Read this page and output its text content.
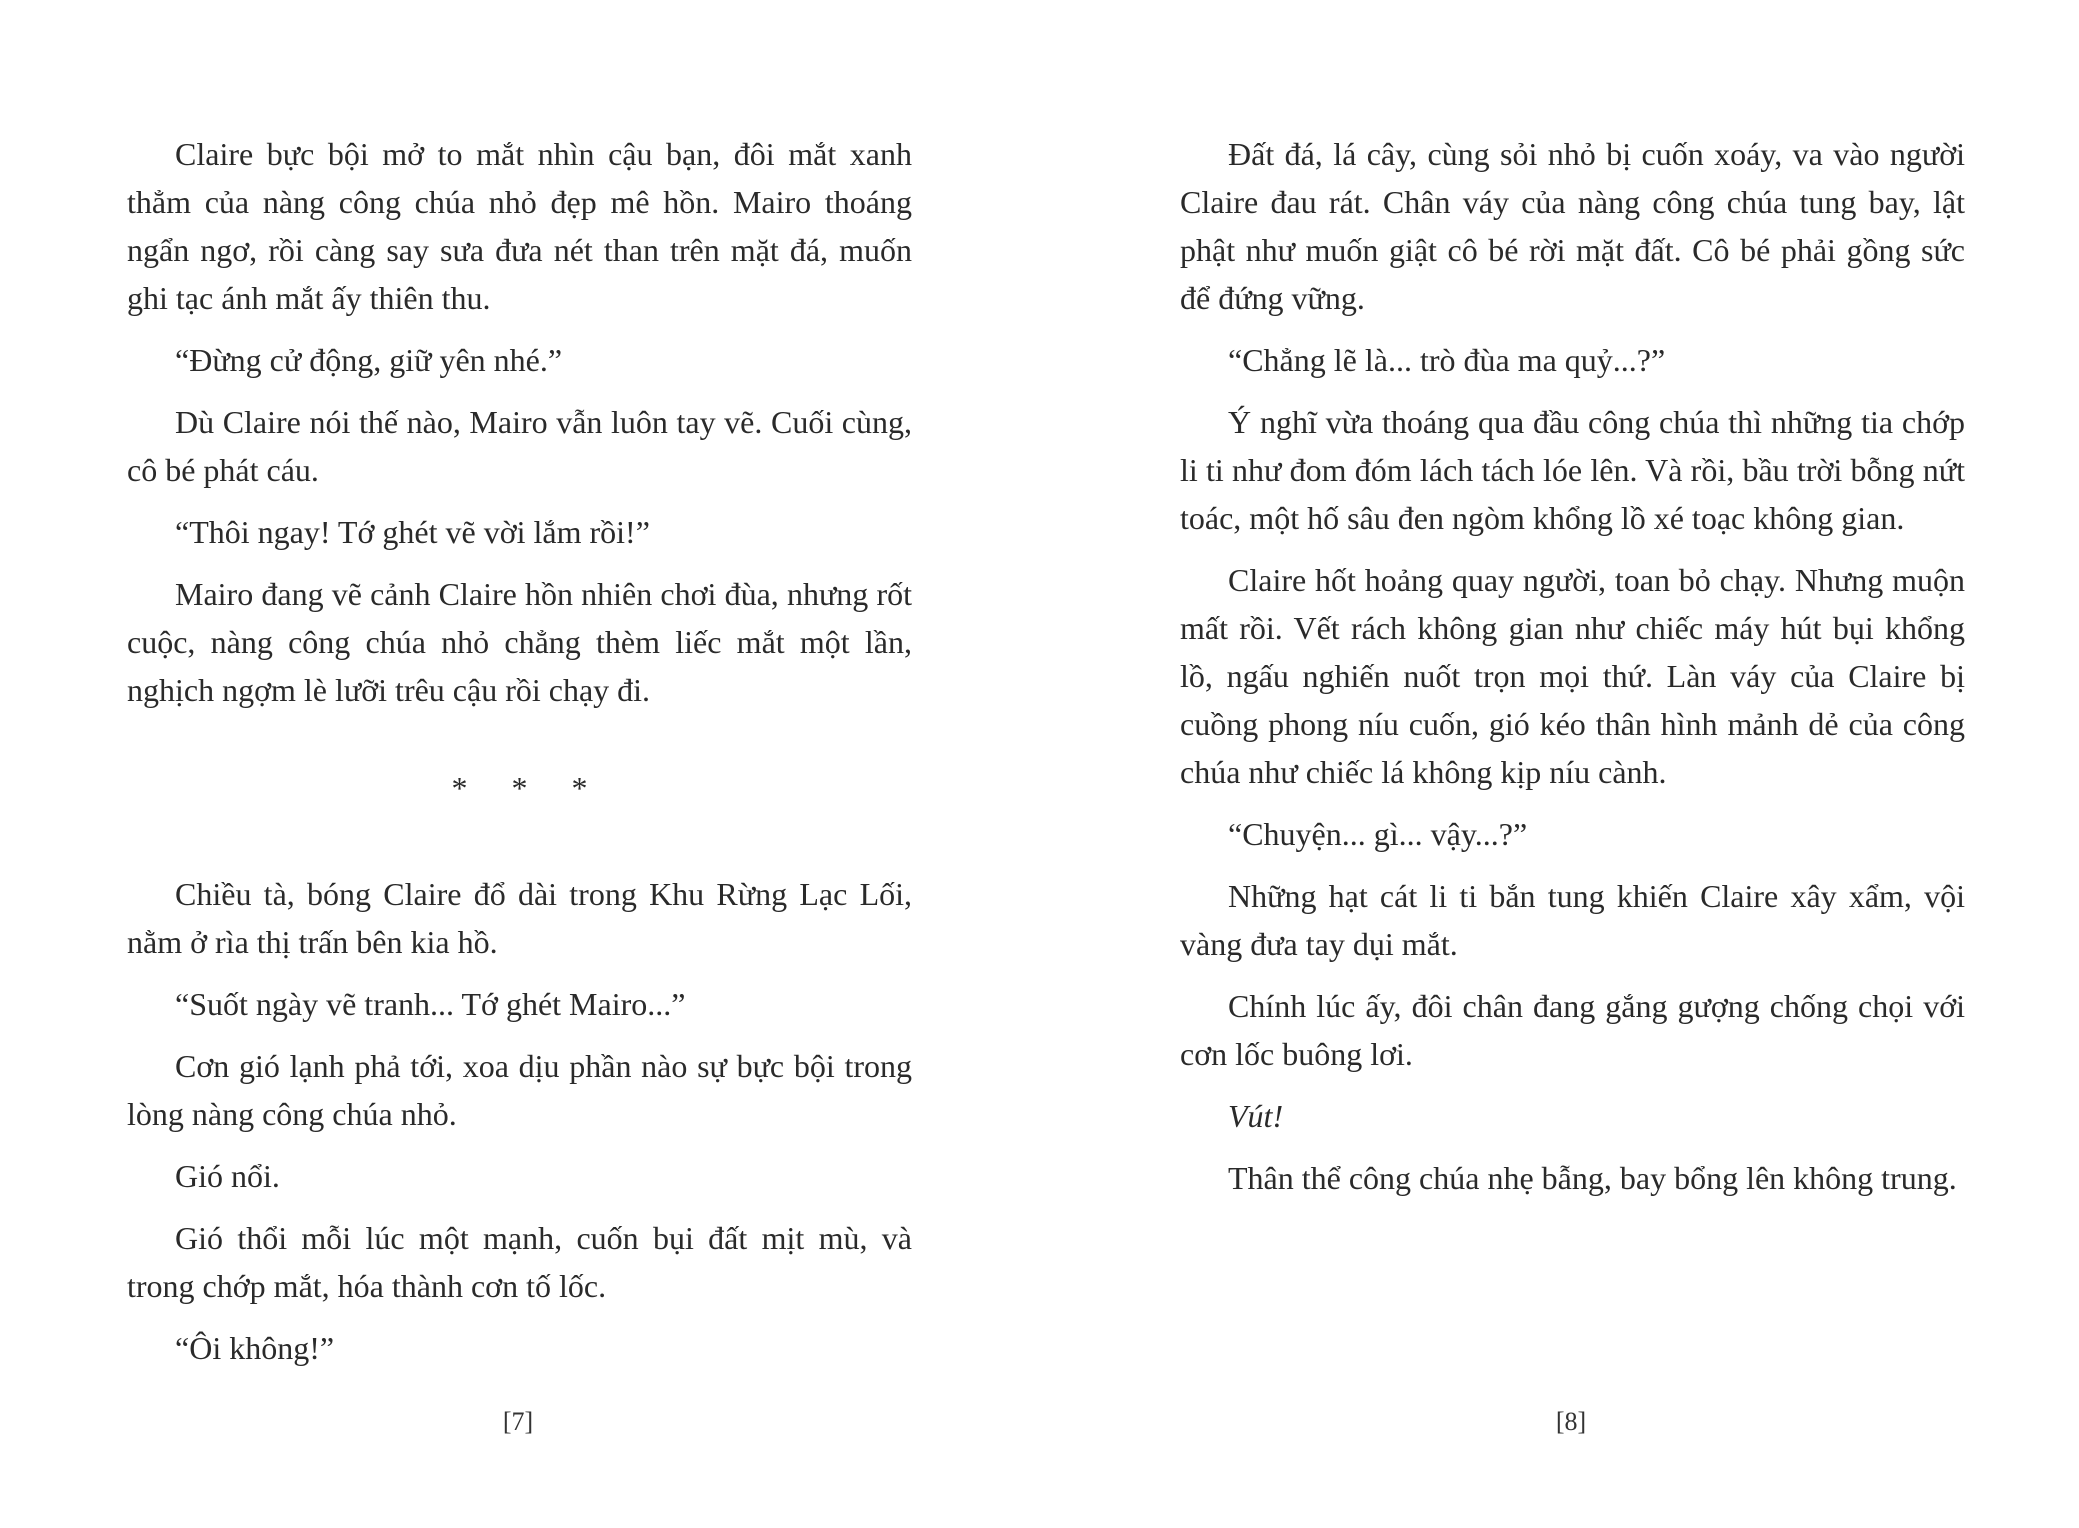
Claire bực bội mở to mắt nhìn cậu bạn, đôi mắt xanh thẳm của nàng công chúa nhỏ đẹp mê hồn. Mairo thoáng ngẩn ngơ, rồi càng say sưa đưa nét than trên mặt đá, muốn ghi tạc ánh mắt ấy thiên thu.

“Đừng cử động, giữ yên nhé.”

Dù Claire nói thế nào, Mairo vẫn luôn tay vẽ. Cuối cùng, cô bé phát cáu.

“Thôi ngay! Tớ ghét vẽ vời lắm rồi!”

Mairo đang vẽ cảnh Claire hồn nhiên chơi đùa, nhưng rốt cuộc, nàng công chúa nhỏ chẳng thèm liếc mắt một lần, nghịch ngợm lè lưỡi trêu cậu rồi chạy đi.

* * *

Chiều tà, bóng Claire đổ dài trong Khu Rừng Lạc Lối, nằm ở rìa thị trấn bên kia hồ.

“Suốt ngày vẽ tranh... Tớ ghét Mairo...”

Cơn gió lạnh phả tới, xoa dịu phần nào sự bực bội trong lòng nàng công chúa nhỏ.

Gió nổi.

Gió thổi mỗi lúc một mạnh, cuốn bụi đất mịt mù, và trong chớp mắt, hóa thành cơn tố lốc.

“Ôi không!”

Đất đá, lá cây, cùng sỏi nhỏ bị cuốn xoáy, va vào người Claire đau rát. Chân váy của nàng công chúa tung bay, lật phật như muốn giật cô bé rời mặt đất. Cô bé phải gồng sức để đứng vững.

“Chẳng lẽ là... trò đùa ma quỷ...?”

Ý nghĩ vừa thoáng qua đầu công chúa thì những tia chớp li ti như đom đóm lách tách lóe lên. Và rồi, bầu trời bỗng nứt toác, một hố sâu đen ngòm khổng lồ xé toạc không gian.

Claire hốt hoảng quay người, toan bỏ chạy. Nhưng muộn mất rồi. Vết rách không gian như chiếc máy hút bụi khổng lồ, ngấu nghiến nuốt trọn mọi thứ. Làn váy của Claire bị cuồng phong níu cuốn, gió kéo thân hình mảnh dẻ của công chúa như chiếc lá không kịp níu cành.

“Chuyện... gì... vậy...?”

Những hạt cát li ti bắn tung khiến Claire xây xẩm, vội vàng đưa tay dụi mắt.

Chính lúc ấy, đôi chân đang gắng gượng chống chọi với cơn lốc buông lơi.

Vút!

Thân thể công chúa nhẹ bẫng, bay bổng lên không trung.

[7]	[8]
